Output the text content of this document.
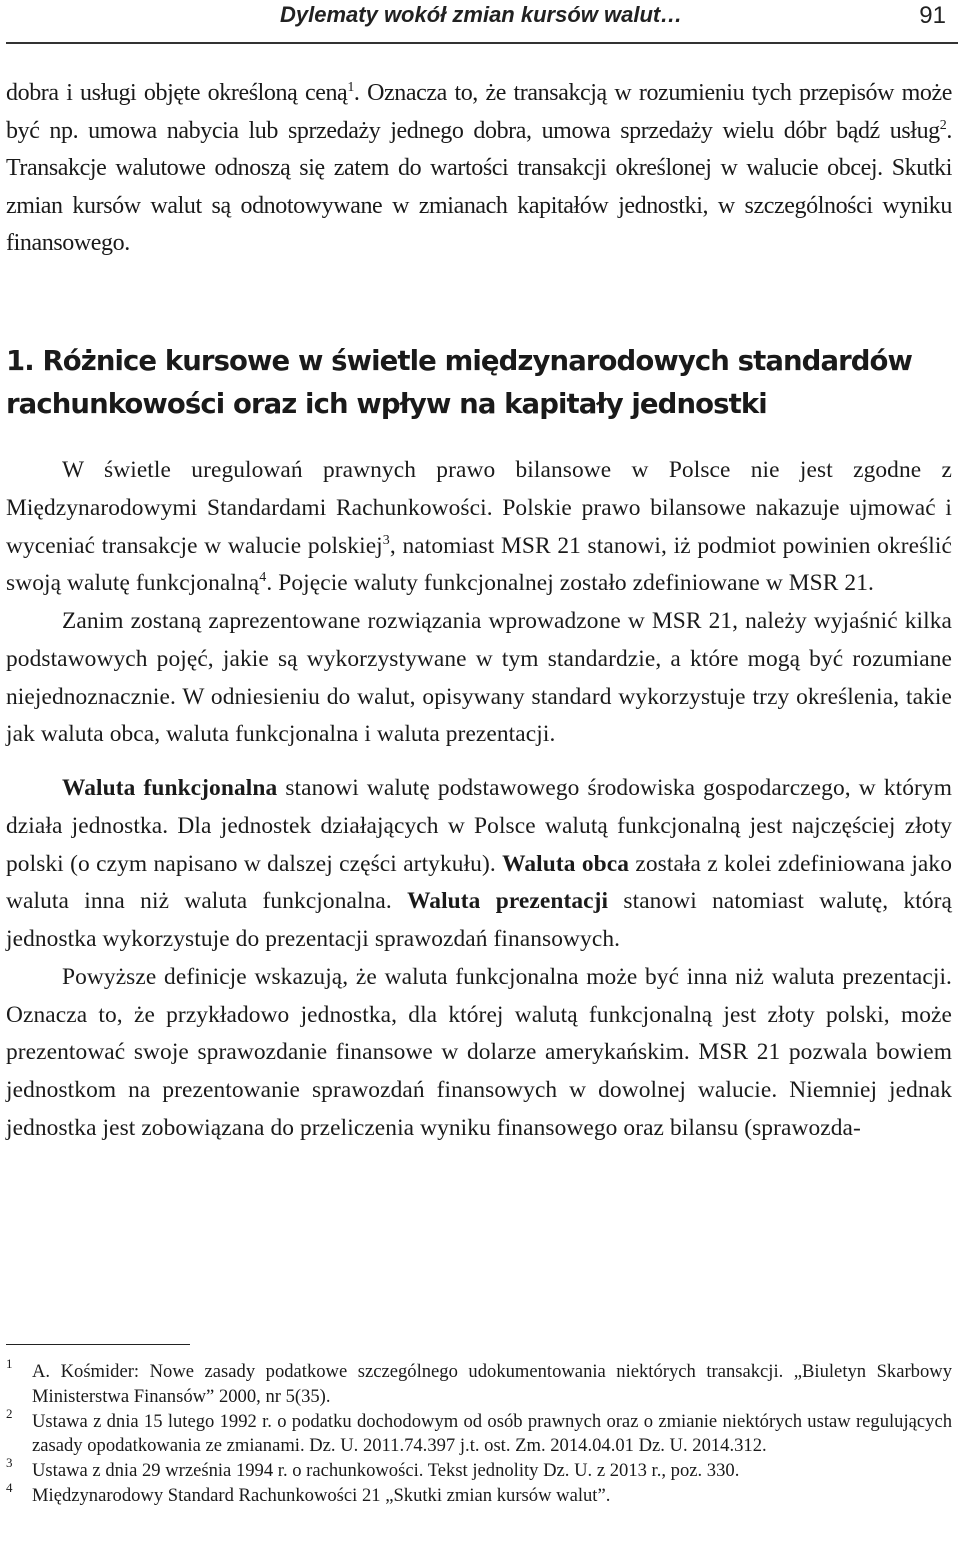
Dylematy wokół zmian kursów walut…	91

dobra i usługi objęte określoną ceną$^1$. Oznacza to, że transakcją w rozumieniu tych przepisów może być np. umowa nabycia lub sprzedaży jednego dobra, umowa sprzedaży wielu dóbr bądź usług$^2$. Transakcje walutowe odnoszą się zatem do wartości transakcji określonej w walucie obcej. Skutki zmian kursów walut są odnotowywane w zmianach kapitałów jednostki, w szczególności wyniku finansowego.

1. Różnice kursowe w świetle międzynarodowych standardów rachunkowości oraz ich wpływ na kapitały jednostki

W świetle uregulowań prawnych prawo bilansowe w Polsce nie jest zgodne z Międzynarodowymi Standardami Rachunkowości. Polskie prawo bilansowe nakazuje ujmować i wyceniać transakcje w walucie polskiej$^3$, natomiast MSR 21 stanowi, iż podmiot powinien określić swoją walutę funkcjonalną$^4$. Pojęcie waluty funkcjonalnej zostało zdefiniowane w MSR 21.

Zanim zostaną zaprezentowane rozwiązania wprowadzone w MSR 21, należy wyjaśnić kilka podstawowych pojęć, jakie są wykorzystywane w tym standardzie, a które mogą być rozumiane niejednoznacznie. W odniesieniu do walut, opisywany standard wykorzystuje trzy określenia, takie jak waluta obca, waluta funkcjonalna i waluta prezentacji.

Waluta funkcjonalna stanowi walutę podstawowego środowiska gospodarczego, w którym działa jednostka. Dla jednostek działających w Polsce walutą funkcjonalną jest najczęściej złoty polski (o czym napisano w dalszej części artykułu). Waluta obca została z kolei zdefiniowana jako waluta inna niż waluta funkcjonalna. Waluta prezentacji stanowi natomiast walutę, którą jednostka wykorzystuje do prezentacji sprawozdań finansowych.

Powyższe definicje wskazują, że waluta funkcjonalna może być inna niż waluta prezentacji. Oznacza to, że przykładowo jednostka, dla której walutą funkcjonalną jest złoty polski, może prezentować swoje sprawozdanie finansowe w dolarze amerykańskim. MSR 21 pozwala bowiem jednostkom na prezentowanie sprawozdań finansowych w dowolnej walucie. Niemniej jednak jednostka jest zobowiązana do przeliczenia wyniku finansowego oraz bilansu (sprawozda-

1 A. Kośmider: Nowe zasady podatkowe szczególnego udokumentowania niektórych transakcji. „Biuletyn Skarbowy Ministerstwa Finansów” 2000, nr 5(35).

2 Ustawa z dnia 15 lutego 1992 r. o podatku dochodowym od osób prawnych oraz o zmianie niektórych ustaw regulujących zasady opodatkowania ze zmianami. Dz. U. 2011.74.397 j.t. ost. Zm. 2014.04.01 Dz. U. 2014.312.

3 Ustawa z dnia 29 września 1994 r. o rachunkowości. Tekst jednolity Dz. U. z 2013 r., poz. 330.

4 Międzynarodowy Standard Rachunkowości 21 „Skutki zmian kursów walut”.
